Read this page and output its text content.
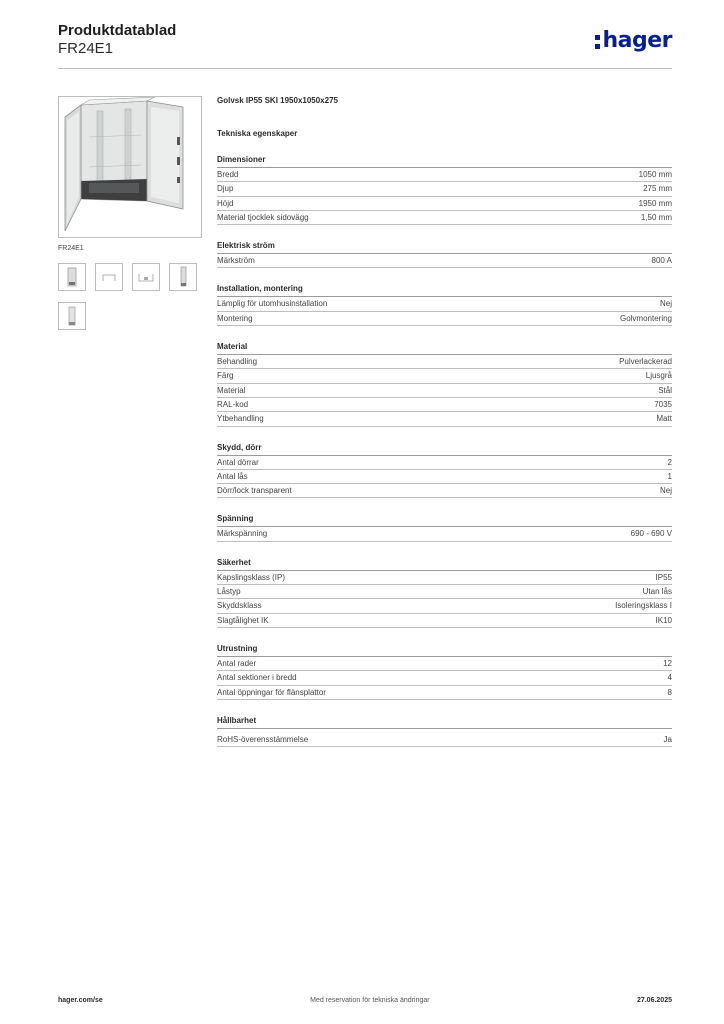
Produktdatablad
FR24E1	hager
FR24E1
Golvsk IP55 SKI 1950x1050x275
Tekniska egenskaper
Dimensioner
Bredd	1050 mm
Djup	275 mm
Höjd	1950 mm
Material tjocklek sidovägg	1,50 mm
Elektrisk ström
Märkström	800 A
Installation, montering
Lämplig för utomhusinstallation	Nej
Montering	Golvmontering
Material
Behandling	Pulverlackerad
Färg	Ljusgrå
Material	Stål
RAL-kod	7035
Ytbehandling	Matt
Skydd, dörr
Antal dörrar	2
Antal lås	1
Dörr/lock transparent	Nej
Spänning
Märkspänning	690 - 690 V
Säkerhet
Kapslingsklass (IP)	IP55
Låstyp	Utan lås
Skyddsklass	Isoleringsklass I
Slagtålighet IK	IK10
Utrustning
Antal rader	12
Antal sektioner i bredd	4
Antal öppningar för flänsplattor	8
Hållbarhet
RoHS-överensstämmelse	Ja
hager.com/se	Med reservation för tekniska ändringar	27.06.2025
